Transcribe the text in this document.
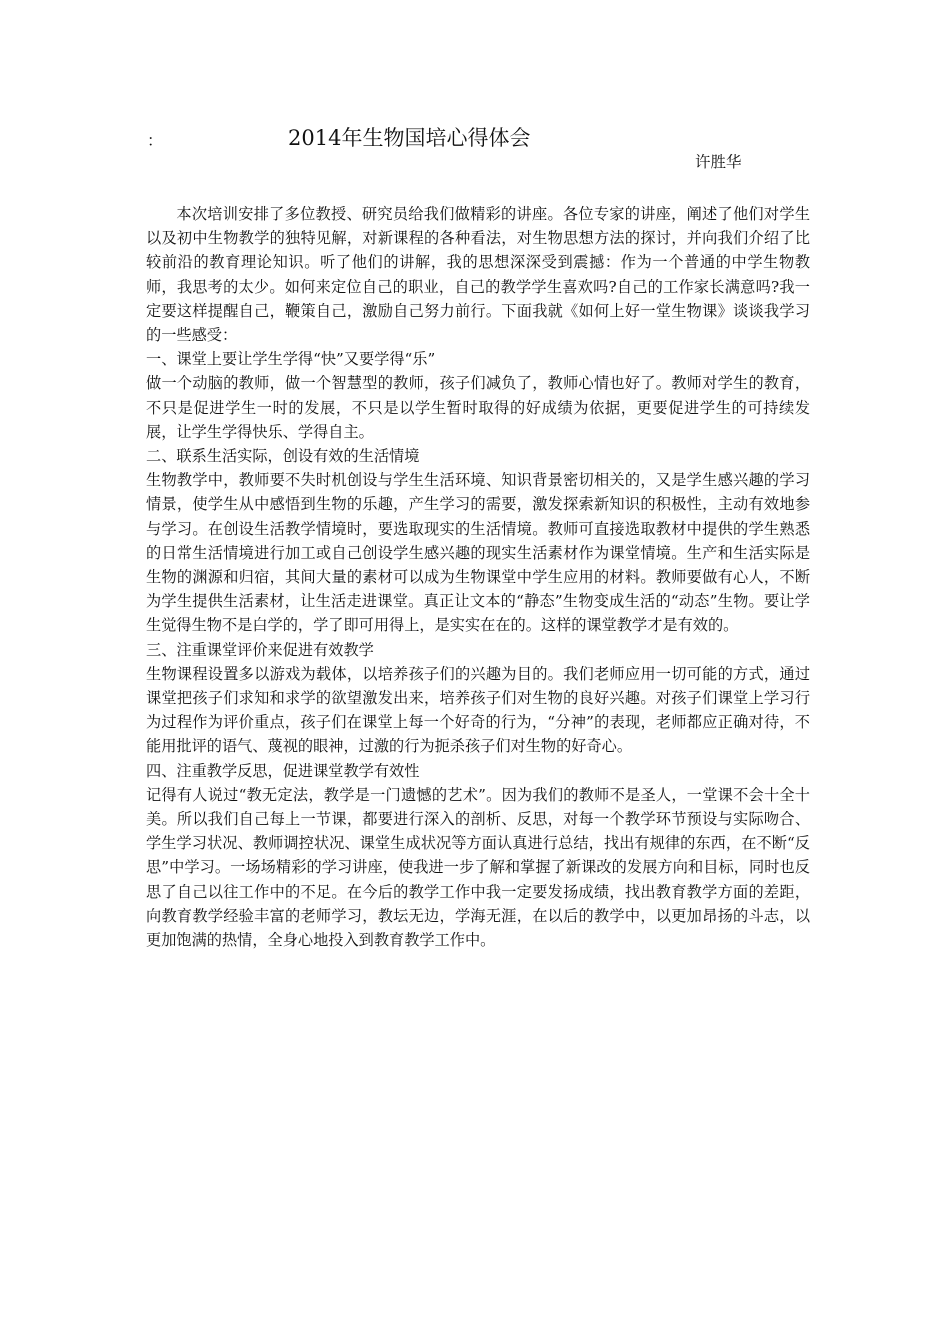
：	2014年生物国培心得体会
许胜华

本次培训安排了多位教授、研究员给我们做精彩的讲座。各位专家的讲座，阐述了他们对学生以及初中生物教学的独特见解，对新课程的各种看法，对生物思想方法的探讨，并向我们介绍了比较前沿的教育理论知识。听了他们的讲解，我的思想深深受到震撼：作为一个普通的中学生物教师，我思考的太少。如何来定位自己的职业，自己的教学学生喜欢吗?自己的工作家长满意吗?我一定要这样提醒自己，鞭策自己，激励自己努力前行。下面我就《如何上好一堂生物课》谈谈我学习的一些感受：

一、课堂上要让学生学得“快”又要学得“乐”

做一个动脑的教师，做一个智慧型的教师，孩子们减负了，教师心情也好了。教师对学生的教育，不只是促进学生一时的发展，不只是以学生暂时取得的好成绩为依据，更要促进学生的可持续发展，让学生学得快乐、学得自主。

二、联系生活实际，创设有效的生活情境

生物教学中，教师要不失时机创设与学生生活环境、知识背景密切相关的，又是学生感兴趣的学习情景，使学生从中感悟到生物的乐趣，产生学习的需要，激发探索新知识的积极性，主动有效地参与学习。在创设生活教学情境时，要选取现实的生活情境。教师可直接选取教材中提供的学生熟悉的日常生活情境进行加工或自己创设学生感兴趣的现实生活素材作为课堂情境。生产和生活实际是生物的渊源和归宿，其间大量的素材可以成为生物课堂中学生应用的材料。教师要做有心人，不断为学生提供生活素材，让生活走进课堂。真正让文本的“静态”生物变成生活的“动态”生物。要让学生觉得生物不是白学的，学了即可用得上，是实实在在的。这样的课堂教学才是有效的。

三、注重课堂评价来促进有效教学

生物课程设置多以游戏为载体，以培养孩子们的兴趣为目的。我们老师应用一切可能的方式，通过课堂把孩子们求知和求学的欲望激发出来，培养孩子们对生物的良好兴趣。对孩子们课堂上学习行为过程作为评价重点，孩子们在课堂上每一个好奇的行为，“分神”的表现，老师都应正确对待，不能用批评的语气、蔑视的眼神，过激的行为扼杀孩子们对生物的好奇心。

四、注重教学反思，促进课堂教学有效性

记得有人说过“教无定法，教学是一门遗憾的艺术”。因为我们的教师不是圣人，一堂课不会十全十美。所以我们自己每上一节课，都要进行深入的剖析、反思，对每一个教学环节预设与实际吻合、学生学习状况、教师调控状况、课堂生成状况等方面认真进行总结，找出有规律的东西，在不断“反思”中学习。一场场精彩的学习讲座，使我进一步了解和掌握了新课改的发展方向和目标，同时也反思了自己以往工作中的不足。在今后的教学工作中我一定要发扬成绩，找出教育教学方面的差距，向教育教学经验丰富的老师学习，教坛无边，学海无涯，在以后的教学中，以更加昂扬的斗志，以更加饱满的热情，全身心地投入到教育教学工作中。
